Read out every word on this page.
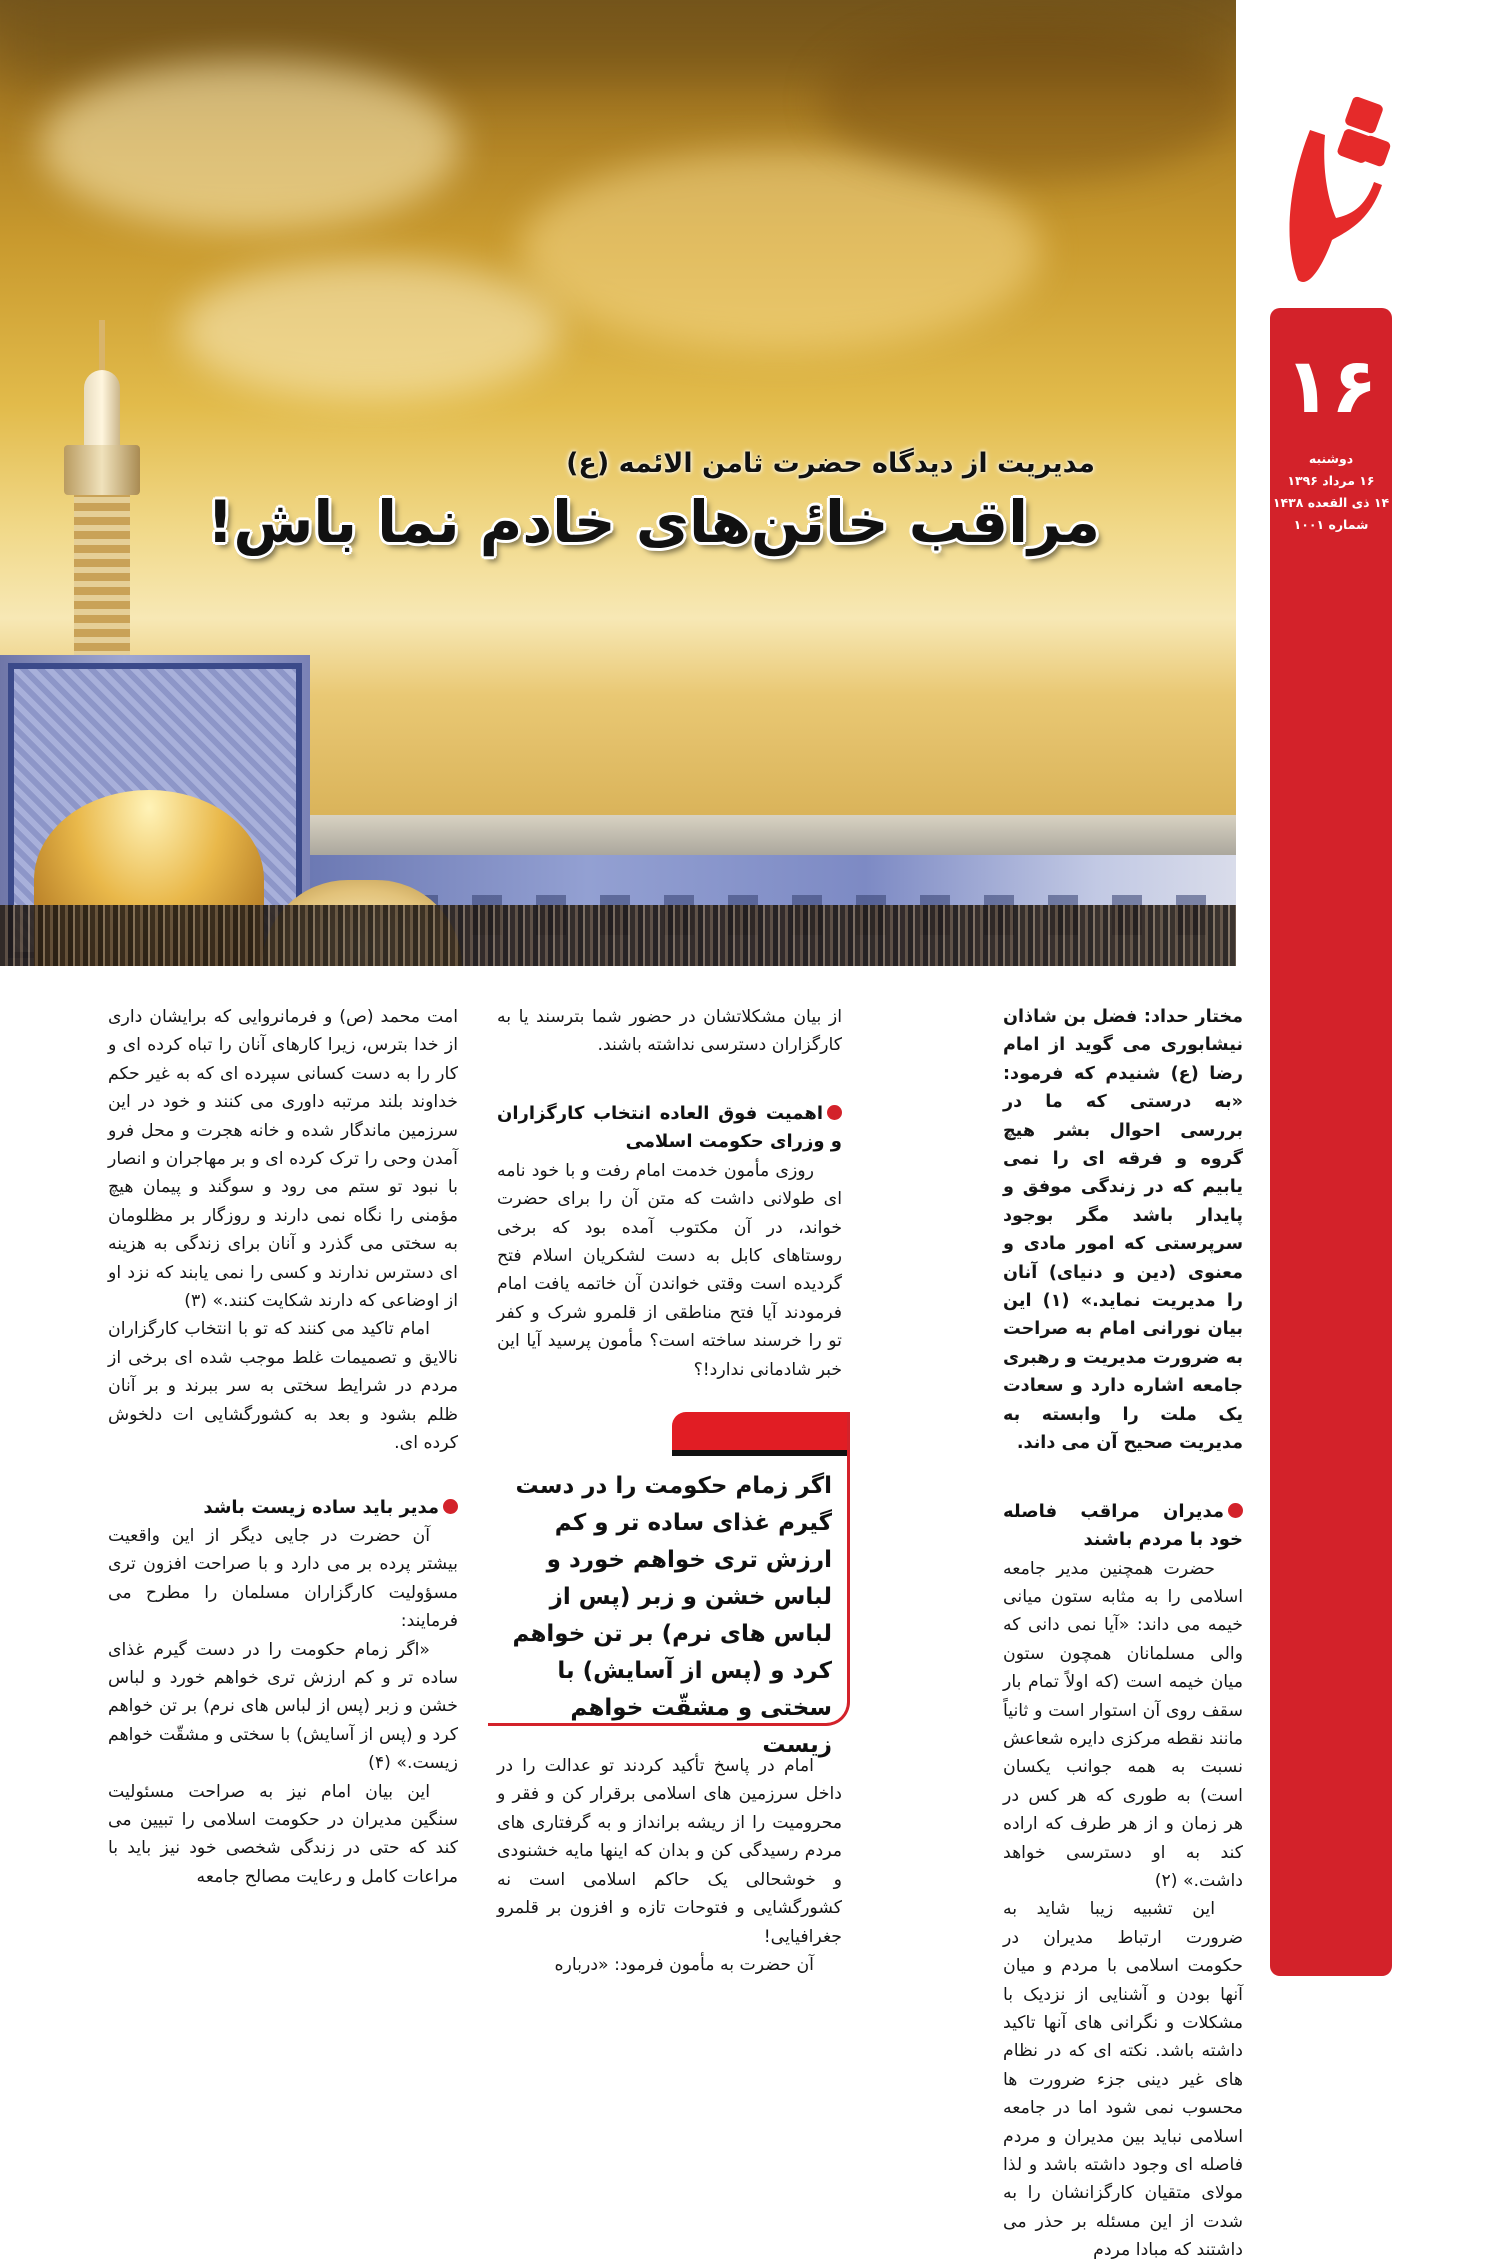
مدیریت از دیدگاه حضرت ثامن الائمه (ع)
مراقب خائن‌های خادم نما باش!
۱۶
دوشنبه
۱۶ مرداد ۱۳۹۶
۱۴ ذی القعده ۱۴۳۸
شماره ۱۰۰۱

مختار حداد: فضل بن شاذان نیشابوری می گوید از امام رضا (ع) شنیدم که فرمود: «به درستی که ما در بررسی احوال بشر هیچ گروه و فرقه ای را نمی یابیم که در زندگی موفق و پایدار باشد مگر بوجود سرپرستی که امور مادی و معنوی (دین و دنیای) آنان را مدیریت نماید.» (۱) این بیان نورانی امام به صراحت به ضرورت مدیریت و رهبری جامعه اشاره دارد و سعادت یک ملت را وابسته به مدیریت صحیح آن می داند.

مدیران مراقب فاصله خود با مردم باشند

حضرت همچنین مدیر جامعه اسلامی را به مثابه ستون میانی خیمه می داند: «آیا نمی دانی که والی مسلمانان همچون ستون میان خیمه است (که اولاً تمام بار سقف روی آن استوار است و ثانیاً مانند نقطه مرکزی دایره شعاعش نسبت به همه جوانب یکسان است) به طوری که هر کس در هر زمان و از هر طرف که اراده کند به او دسترسی خواهد داشت.» (۲)

این تشبیه زیبا شاید به ضرورت ارتباط مدیران در حکومت اسلامی با مردم و میان آنها بودن و آشنایی از نزدیک با مشکلات و نگرانی های آنها تاکید داشته باشد. نکته ای که در نظام های غیر دینی جزء ضرورت ها محسوب نمی شود اما در جامعه اسلامی نباید بین مدیران و مردم فاصله ای وجود داشته باشد و لذا مولای متقیان کارگزانشان را به شدت از این مسئله بر حذر می داشتند که مبادا مردم

از بیان مشکلاتشان در حضور شما بترسند یا به کارگزاران دسترسی نداشته باشند.

اهمیت فوق العاده انتخاب کارگزاران و وزرای حکومت اسلامی

روزی مأمون خدمت امام رفت و با خود نامه ای طولانی داشت که متن آن را برای حضرت خواند، در آن مکتوب آمده بود که برخی روستاهای کابل به دست لشکریان اسلام فتح گردیده است وقتی خواندن آن خاتمه یافت امام فرمودند آیا فتح مناطقی از قلمرو شرک و کفر تو را خرسند ساخته است؟ مأمون پرسید آیا این خبر شادمانی ندارد!؟

امام در پاسخ تأکید کردند تو عدالت را در داخل سرزمین های اسلامی برقرار کن و فقر و محرومیت را از ریشه برانداز و به گرفتاری های مردم رسیدگی کن و بدان که اینها مایه خشنودی و خوشحالی یک حاکم اسلامی است نه کشورگشایی و فتوحات تازه و افزون بر قلمرو جغرافیایی!

آن حضرت به مأمون فرمود: «درباره

اگر زمام حکومت را در دست گیرم غذای ساده تر و کم ارزش تری خواهم خورد و لباس خشن و زبر (پس از لباس های نرم) بر تن خواهم کرد و (پس از آسایش) با سختی و مشقّت خواهم زیست

امت محمد (ص) و فرمانروایی که برایشان داری از خدا بترس، زیرا کارهای آنان را تباه کرده ای و کار را به دست کسانی سپرده ای که به غیر حکم خداوند بلند مرتبه داوری می کنند و خود در این سرزمین ماندگار شده و خانه هجرت و محل فرو آمدن وحی را ترک کرده ای و بر مهاجران و انصار با نبود تو ستم می رود و سوگند و پیمان هیچ مؤمنی را نگاه نمی دارند و روزگار بر مظلومان به سختی می گذرد و آنان برای زندگی به هزینه ای دسترس ندارند و کسی را نمی یابند که نزد او از اوضاعی که دارند شکایت کنند.» (۳)

امام تاکید می کنند که تو با انتخاب کارگزاران نالایق و تصمیمات غلط موجب شده ای برخی از مردم در شرایط سختی به سر ببرند و بر آنان ظلم بشود و بعد به کشورگشایی ات دلخوش کرده ای.

مدیر باید ساده زیست باشد

آن حضرت در جایی دیگر از این واقعیت بیشتر پرده بر می دارد و با صراحت افزون تری مسؤولیت کارگزاران مسلمان را مطرح می فرمایند:

«اگر زمام حکومت را در دست گیرم غذای ساده تر و کم ارزش تری خواهم خورد و لباس خشن و زبر (پس از لباس های نرم) بر تن خواهم کرد و (پس از آسایش) با سختی و مشقّت خواهم زیست.» (۴)

این بیان امام نیز به صراحت مسئولیت سنگین مدیران در حکومت اسلامی را تبیین می کند که حتی در زندگی شخصی خود نیز باید با مراعات کامل و رعایت مصالح جامعه
